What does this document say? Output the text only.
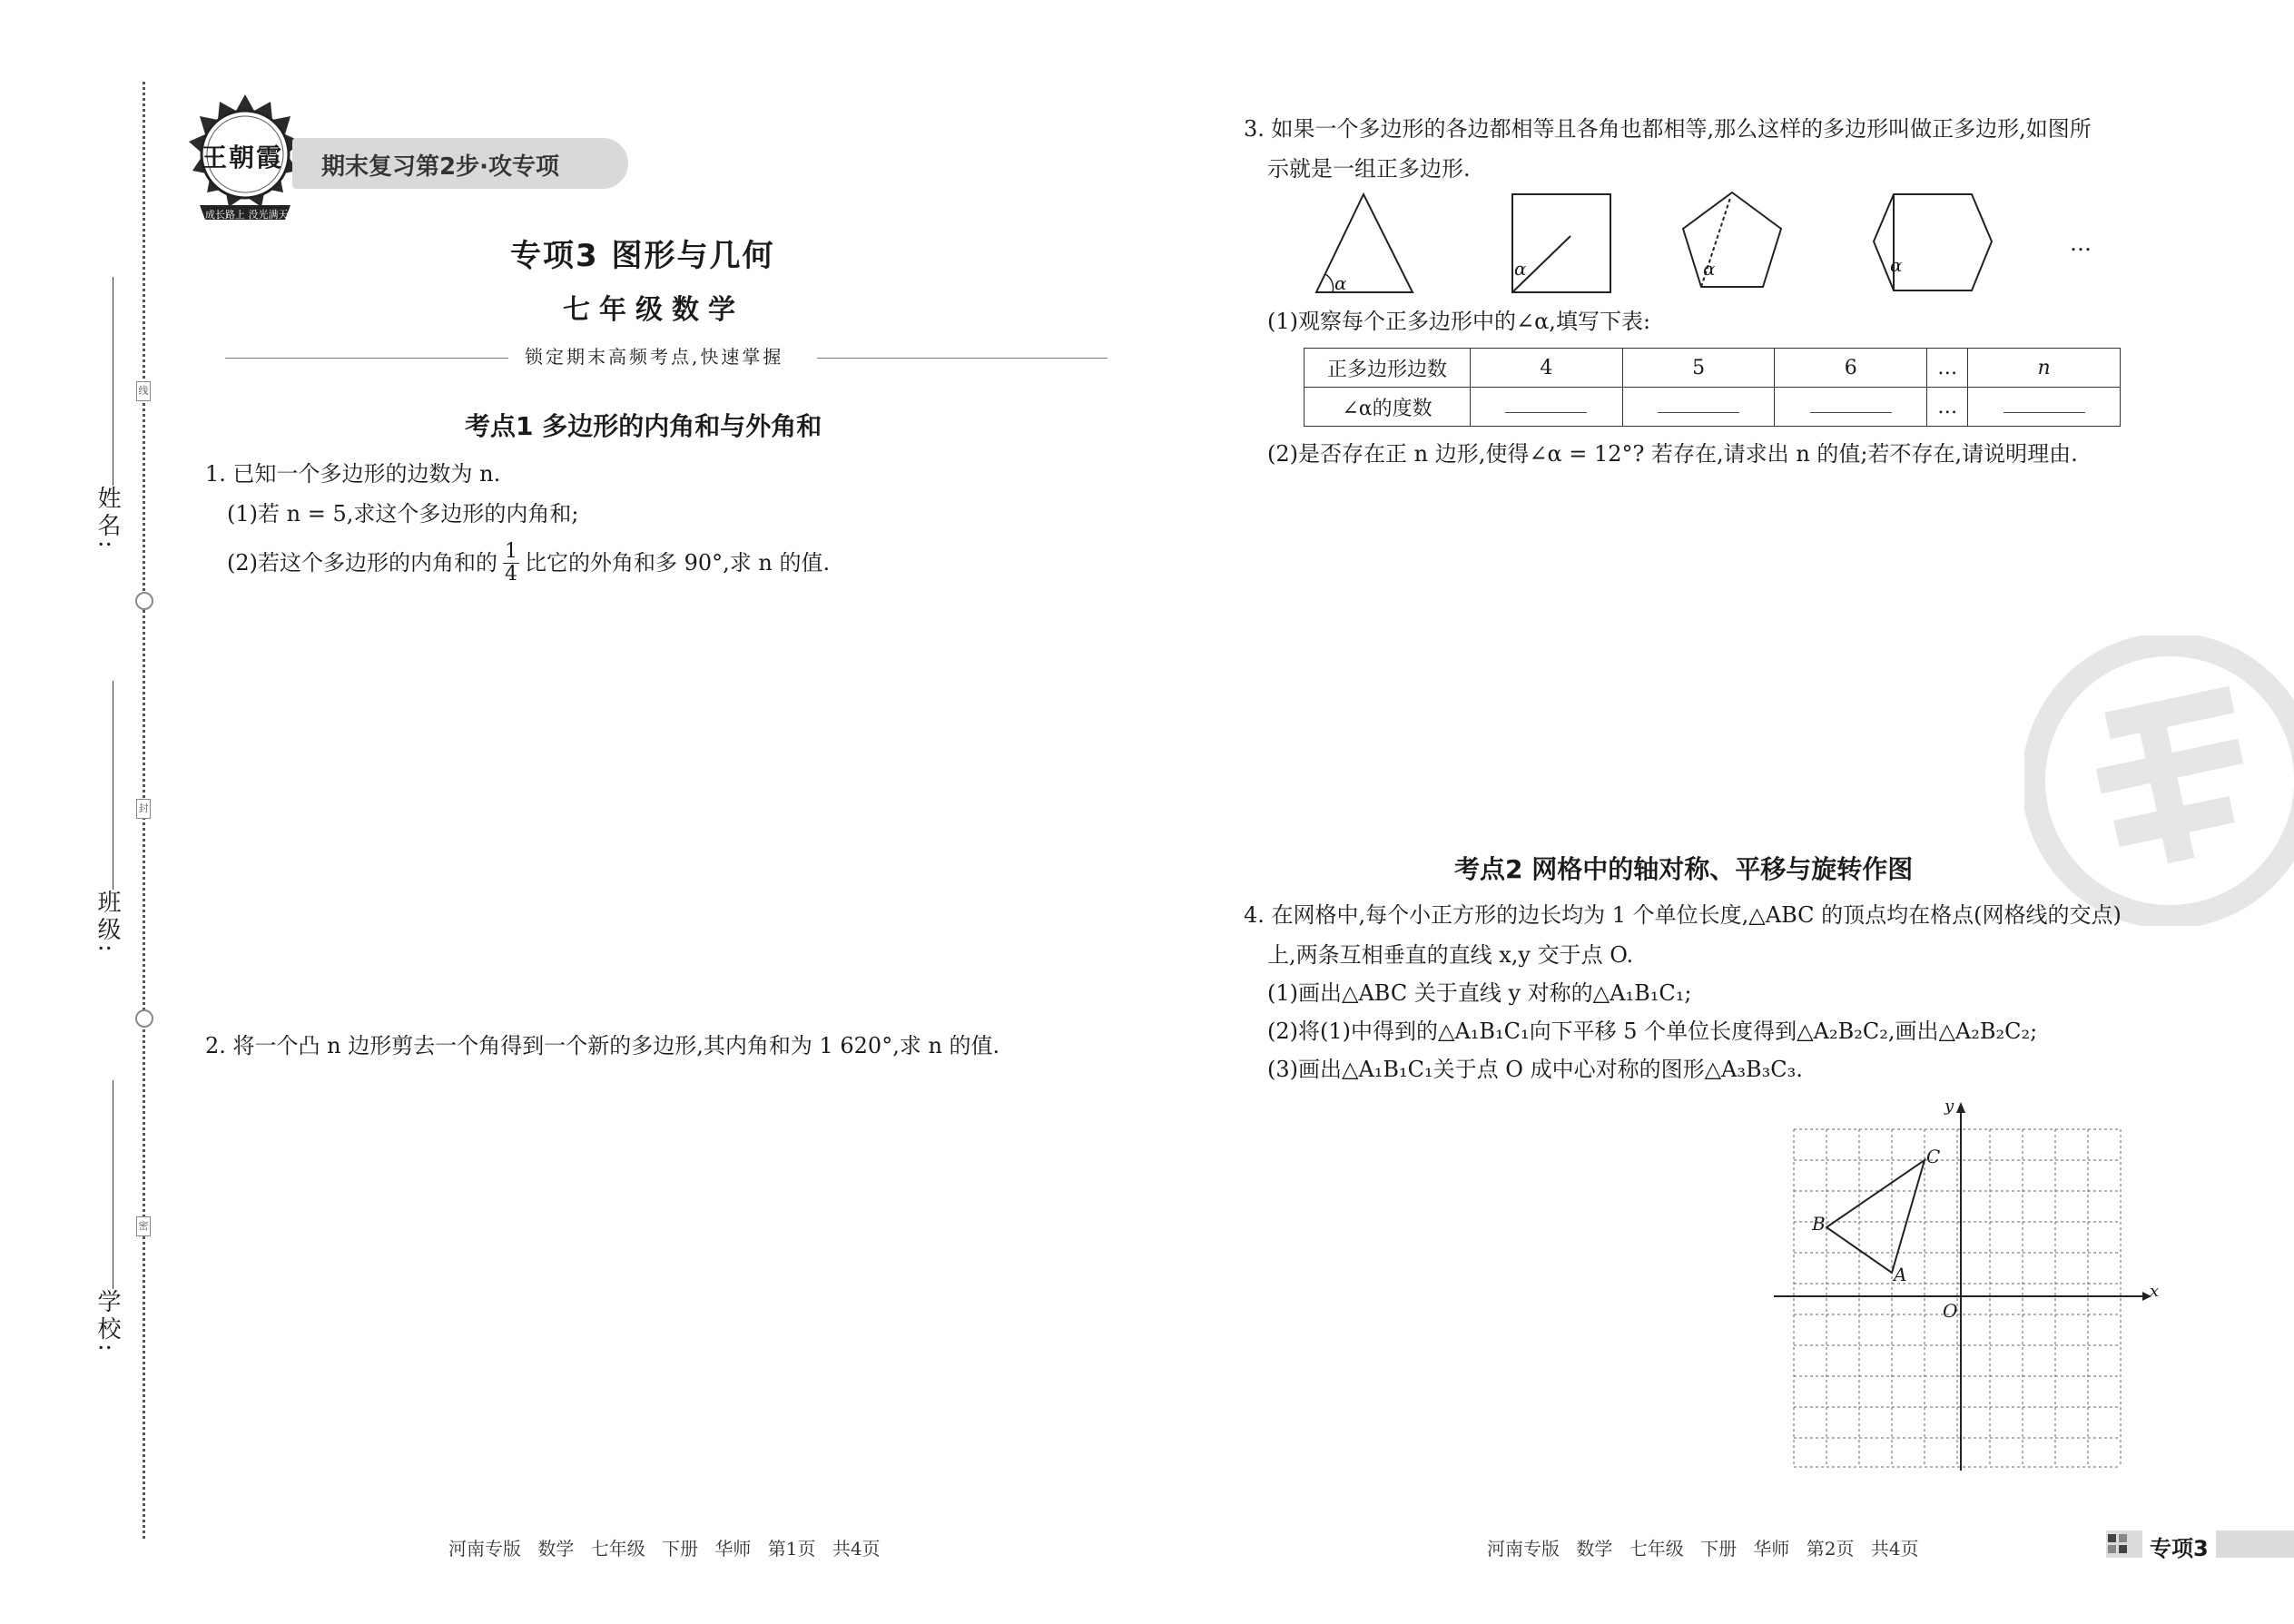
线
封
密
姓名:
班级:
学校:
王朝霞
成长路上 没光满天
期末复习第2步·攻专项
专项3 图形与几何
七年级数学
锁定期末高频考点,快速掌握
考点1 多边形的内角和与外角和
1. 已知一个多边形的边数为 n.
(1)若 n = 5,求这个多边形的内角和;
(2)若这个多边形的内角和的 $\frac{1}{4}$ 比它的外角和多 90°,求 n 的值.
2. 将一个凸 n 边形剪去一个角得到一个新的多边形,其内角和为 1 620°,求 n 的值.
3. 如果一个多边形的各边都相等且各角也都相等,那么这样的多边形叫做正多边形,如图所
示就是一组正多边形.
α
α	α	α
…
(1)观察每个正多边形中的∠α,填写下表:
正多边形边数	4	5	6	…	n
∠α的度数				…	
(2)是否存在正 n 边形,使得∠α = 12°? 若存在,请求出 n 的值;若不存在,请说明理由.
考点2 网格中的轴对称、平移与旋转作图
4. 在网格中,每个小正方形的边长均为 1 个单位长度,△ABC 的顶点均在格点(网格线的交点)
上,两条互相垂直的直线 x,y 交于点 O.
(1)画出△ABC 关于直线 y 对称的△A₁B₁C₁;
(2)将(1)中得到的△A₁B₁C₁向下平移 5 个单位长度得到△A₂B₂C₂,画出△A₂B₂C₂;
(3)画出△A₁B₁C₁关于点 O 成中心对称的图形△A₃B₃C₃.
x
y
O
A
B
C
河南专版 数学 七年级 下册 华师 第1页 共4页	河南专版 数学 七年级 下册 华师 第2页 共4页	专项3
